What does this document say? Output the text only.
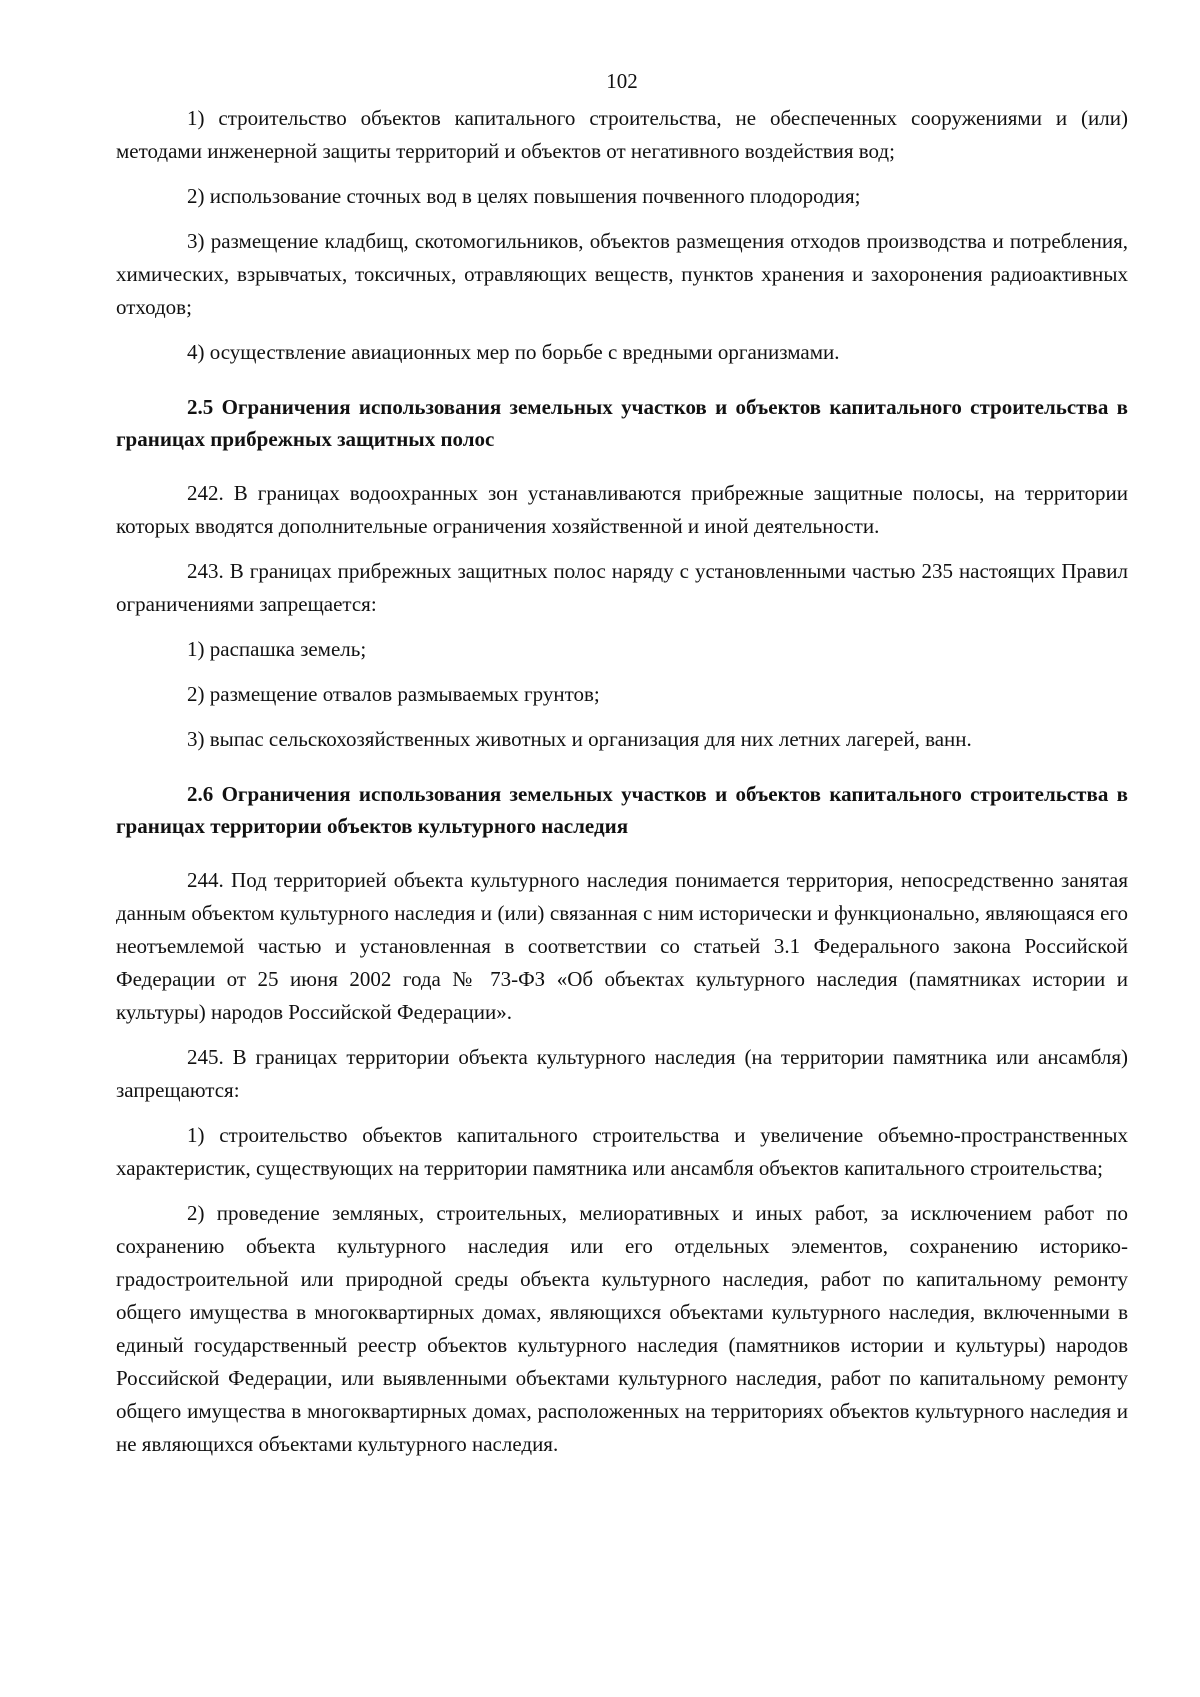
102

1) строительство объектов капитального строительства, не обеспеченных сооружениями и (или) методами инженерной защиты территорий и объектов от негативного воздействия вод;

2) использование сточных вод в целях повышения почвенного плодородия;

3) размещение кладбищ, скотомогильников, объектов размещения отходов производства и потребления, химических, взрывчатых, токсичных, отравляющих веществ, пунктов хранения и захоронения радиоактивных отходов;

4) осуществление авиационных мер по борьбе с вредными организмами.

2.5 Ограничения использования земельных участков и объектов капитального строительства в границах прибрежных защитных полос

242. В границах водоохранных зон устанавливаются прибрежные защитные полосы, на территории которых вводятся дополнительные ограничения хозяйственной и иной деятельности.

243. В границах прибрежных защитных полос наряду с установленными частью 235 настоящих Правил ограничениями запрещается:

1) распашка земель;

2) размещение отвалов размываемых грунтов;

3) выпас сельскохозяйственных животных и организация для них летних лагерей, ванн.

2.6 Ограничения использования земельных участков и объектов капитального строительства в границах территории объектов культурного наследия

244. Под территорией объекта культурного наследия понимается территория, непосредственно занятая данным объектом культурного наследия и (или) связанная с ним исторически и функционально, являющаяся его неотъемлемой частью и установленная в соответствии со статьей 3.1 Федерального закона Российской Федерации от 25 июня 2002 года № 73-ФЗ «Об объектах культурного наследия (памятниках истории и культуры) народов Российской Федерации».

245. В границах территории объекта культурного наследия (на территории памятника или ансамбля) запрещаются:

1) строительство объектов капитального строительства и увеличение объемно-пространственных характеристик, существующих на территории памятника или ансамбля объектов капитального строительства;

2) проведение земляных, строительных, мелиоративных и иных работ, за исключением работ по сохранению объекта культурного наследия или его отдельных элементов, сохранению историко-градостроительной или природной среды объекта культурного наследия, работ по капитальному ремонту общего имущества в многоквартирных домах, являющихся объектами культурного наследия, включенными в единый государственный реестр объектов культурного наследия (памятников истории и культуры) народов Российской Федерации, или выявленными объектами культурного наследия, работ по капитальному ремонту общего имущества в многоквартирных домах, расположенных на территориях объектов культурного наследия и не являющихся объектами культурного наследия.
